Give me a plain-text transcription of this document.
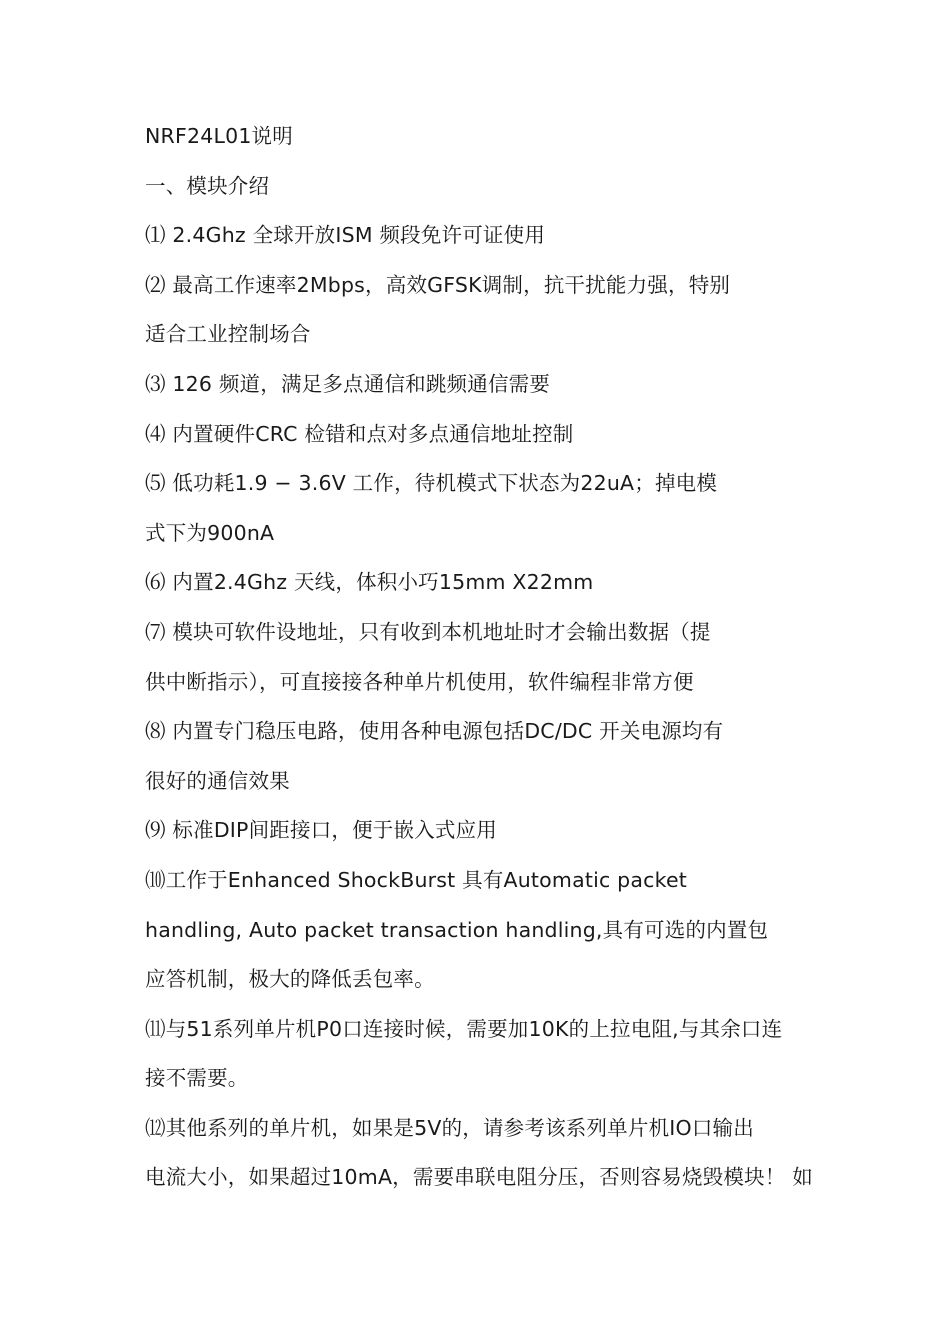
NRF24L01说明
一、模块介绍
⑴ 2.4Ghz 全球开放ISM 频段免许可证使用
⑵ 最高工作速率2Mbps，高效GFSK调制，抗干扰能力强，特别
适合工业控制场合
⑶ 126 频道，满足多点通信和跳频通信需要
⑷ 内置硬件CRC 检错和点对多点通信地址控制
⑸ 低功耗1.9 − 3.6V 工作，待机模式下状态为22uA；掉电模
式下为900nA
⑹ 内置2.4Ghz 天线，体积小巧15mm X22mm
⑺ 模块可软件设地址，只有收到本机地址时才会输出数据（提
供中断指示），可直接接各种单片机使用，软件编程非常方便
⑻ 内置专门稳压电路，使用各种电源包括DC/DC 开关电源均有
很好的通信效果
⑼ 标准DIP间距接口，便于嵌入式应用
⑽工作于Enhanced ShockBurst 具有Automatic packet
handling, Auto packet transaction handling,具有可选的内置包
应答机制，极大的降低丢包率。
⑾与51系列单片机P0口连接时候，需要加10K的上拉电阻,与其余口连
接不需要。
⑿其他系列的单片机，如果是5V的，请参考该系列单片机IO口输出
电流大小，如果超过10mA，需要串联电阻分压，否则容易烧毁模块！ 如
